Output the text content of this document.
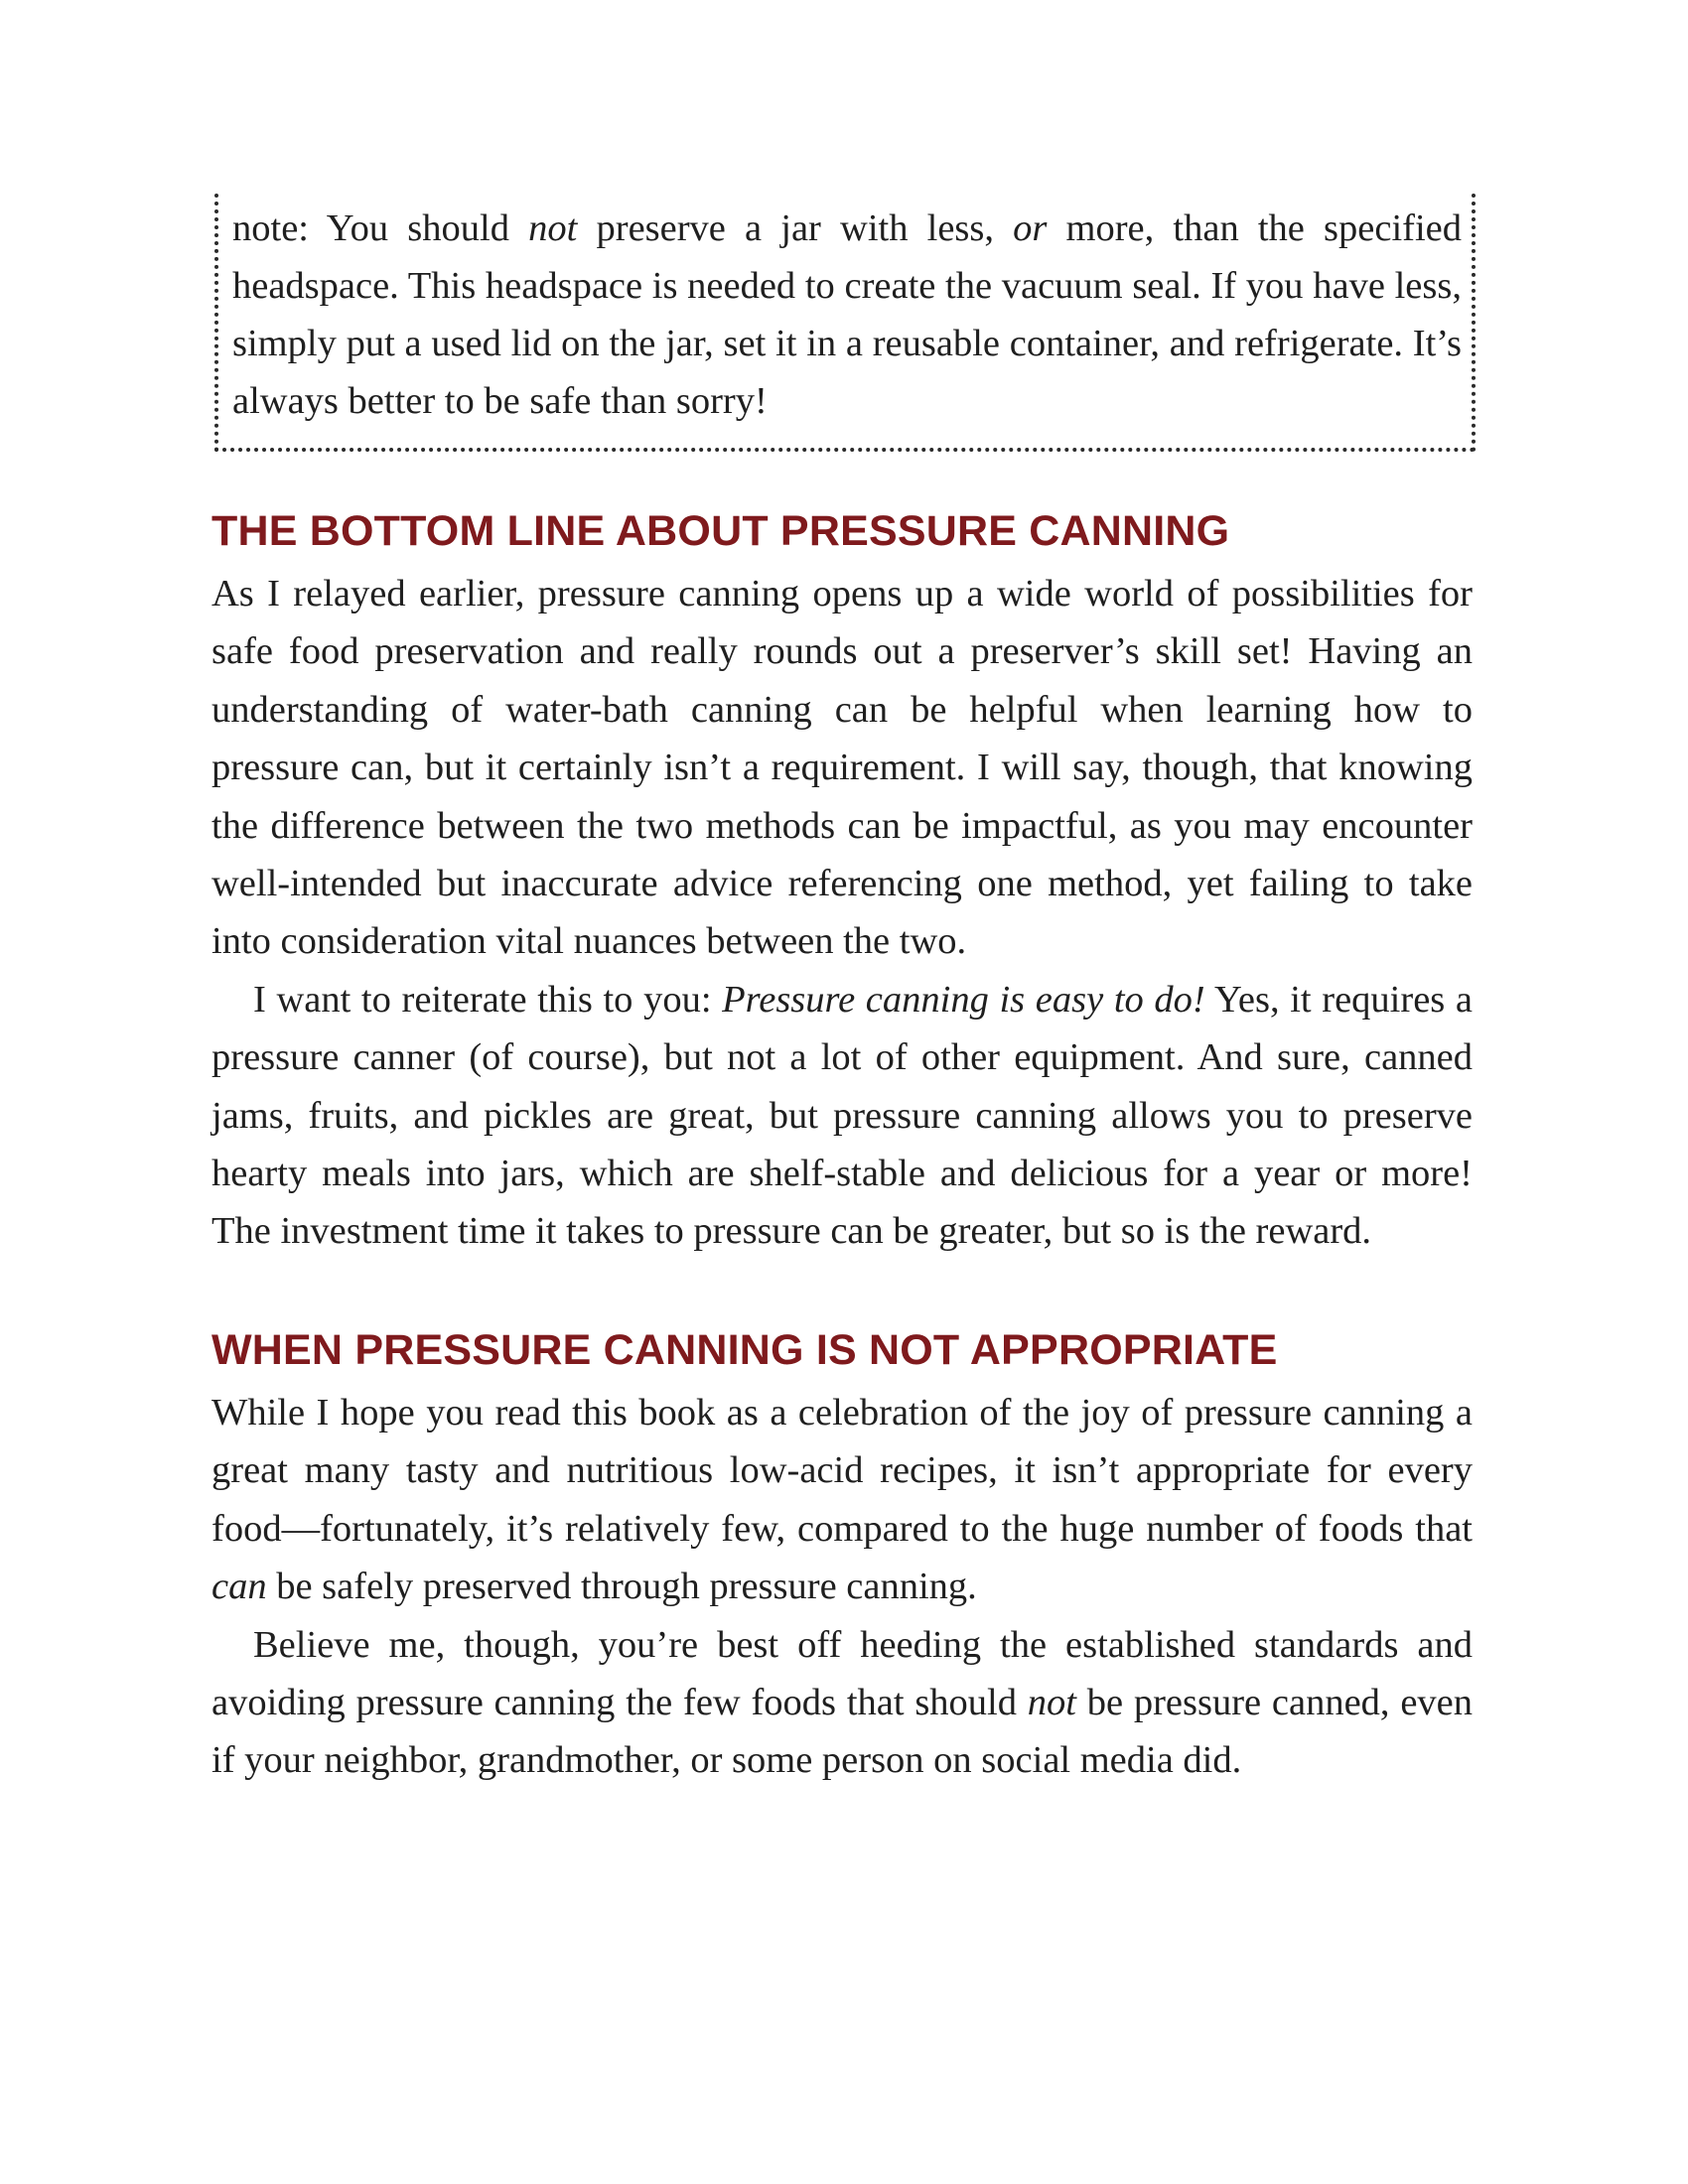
note: You should not preserve a jar with less, or more, than the specified headspace. This headspace is needed to create the vacuum seal. If you have less, simply put a used lid on the jar, set it in a reusable container, and refrigerate. It’s always better to be safe than sorry!
THE BOTTOM LINE ABOUT PRESSURE CANNING

As I relayed earlier, pressure canning opens up a wide world of possibilities for safe food preservation and really rounds out a preserver’s skill set! Having an understanding of water-bath canning can be helpful when learning how to pressure can, but it certainly isn’t a requirement. I will say, though, that knowing the difference between the two methods can be impactful, as you may encounter well-intended but inaccurate advice referencing one method, yet failing to take into consideration vital nuances between the two.

I want to reiterate this to you: Pressure canning is easy to do! Yes, it requires a pressure canner (of course), but not a lot of other equipment. And sure, canned jams, fruits, and pickles are great, but pressure canning allows you to preserve hearty meals into jars, which are shelf-stable and delicious for a year or more! The investment time it takes to pressure can be greater, but so is the reward.

WHEN PRESSURE CANNING IS NOT APPROPRIATE

While I hope you read this book as a celebration of the joy of pressure canning a great many tasty and nutritious low-acid recipes, it isn’t appropriate for every food—fortunately, it’s relatively few, compared to the huge number of foods that can be safely preserved through pressure canning.

Believe me, though, you’re best off heeding the established standards and avoiding pressure canning the few foods that should not be pressure canned, even if your neighbor, grandmother, or some person on social media did.
